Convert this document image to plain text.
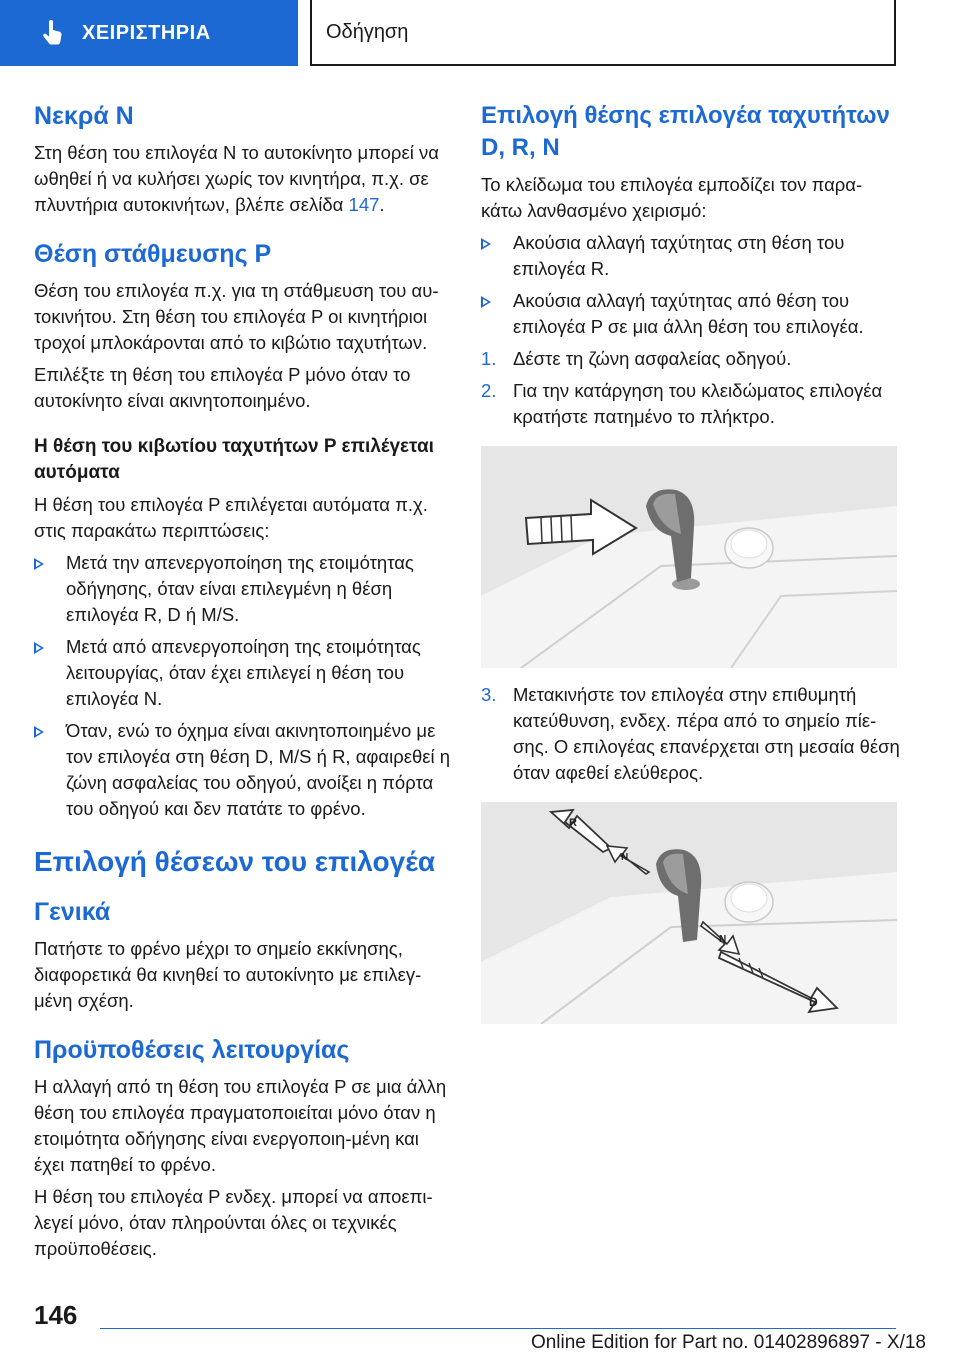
ΧΕΙΡΙΣΤΗΡΙΑ	Οδήγηση
Νεκρά N

Στη θέση του επιλογέα N το αυτοκίνητο μπορεί να ωθηθεί ή να κυλήσει χωρίς τον κινητήρα, π.χ. σε πλυντήρια αυτοκινήτων, βλέπε σελίδα 147.

Θέση στάθμευσης P

Θέση του επιλογέα π.χ. για τη στάθμευση του αυ‐τοκινήτου. Στη θέση του επιλογέα P οι κινητήριοι τροχοί μπλοκάρονται από το κιβώτιο ταχυτήτων.

Επιλέξτε τη θέση του επιλογέα P μόνο όταν το αυτοκίνητο είναι ακινητοποιημένο.

Η θέση του κιβωτίου ταχυτήτων P επιλέγεται αυτόματα

Η θέση του επιλογέα P επιλέγεται αυτόματα π.χ. στις παρακάτω περιπτώσεις:

Μετά την απενεργοποίηση της ετοιμότητας οδήγησης, όταν είναι επιλεγμένη η θέση επιλογέα R, D ή M/S.
Μετά από απενεργοποίηση της ετοιμότητας λειτουργίας, όταν έχει επιλεγεί η θέση του επιλογέα N.
Όταν, ενώ το όχημα είναι ακινητοποιημένο με τον επιλογέα στη θέση D, M/S ή R, αφαιρεθεί η ζώνη ασφαλείας του οδηγού, ανοίξει η πόρτα του οδηγού και δεν πατάτε το φρένο.
Επιλογή θέσεων του επιλογέα
Γενικά

Πατήστε το φρένο μέχρι το σημείο εκκίνησης, διαφορετικά θα κινηθεί το αυτοκίνητο με επιλεγ‐μένη σχέση.

Προϋποθέσεις λειτουργίας

Η αλλαγή από τη θέση του επιλογέα P σε μια άλλη θέση του επιλογέα πραγματοποιείται μόνο όταν η ετοιμότητα οδήγησης είναι ενεργοποιη‐μένη και έχει πατηθεί το φρένο.

Η θέση του επιλογέα P ενδεχ. μπορεί να αποεπι‐λεγεί μόνο, όταν πληρούνται όλες οι τεχνικές προϋποθέσεις.

Επιλογή θέσης επιλογέα ταχυτήτων D, R, N

Το κλείδωμα του επιλογέα εμποδίζει τον παρα‐κάτω λανθασμένο χειρισμό:

Ακούσια αλλαγή ταχύτητας στη θέση του επιλογέα R.
Ακούσια αλλαγή ταχύτητας από θέση του επιλογέα P σε μια άλλη θέση του επιλογέα.
1. Δέστε τη ζώνη ασφαλείας οδηγού.
2. Για την κατάργηση του κλειδώματος επιλογέα κρατήστε πατημένο το πλήκτρο.
3. Μετακινήστε τον επιλογέα στην επιθυμητή κατεύθυνση, ενδεχ. πέρα από το σημείο πίε‐σης. Ο επιλογέας επανέρχεται στη μεσαία θέση όταν αφεθεί ελεύθερος.
R
N
N
D
146
Online Edition for Part no. 01402896897 - X/18
